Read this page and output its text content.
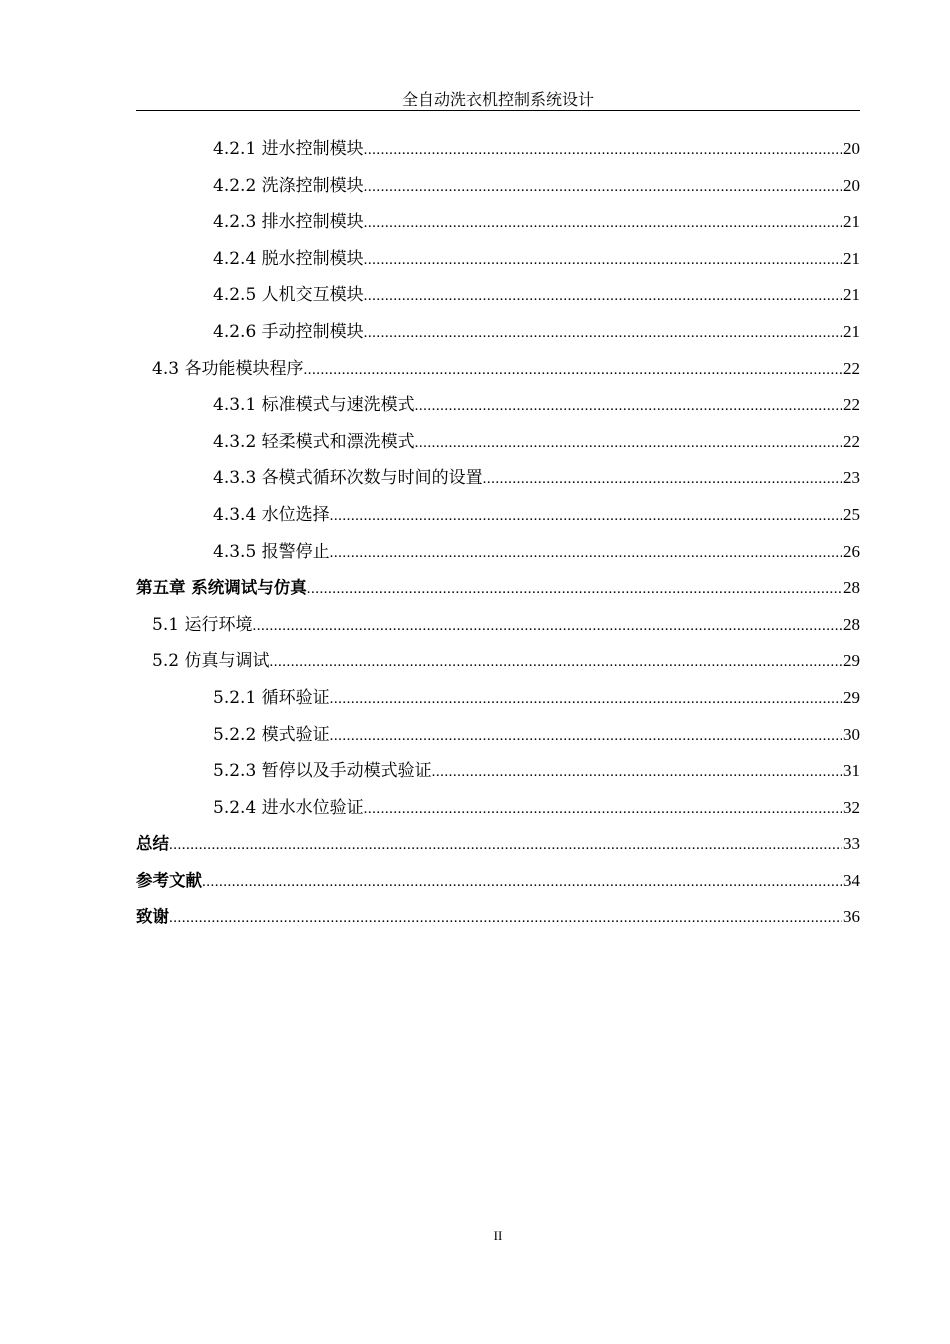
全自动洗衣机控制系统设计
4.2.1 进水控制模块 .....	20
4.2.2 洗涤控制模块 .....	20
4.2.3 排水控制模块 .....	21
4.2.4 脱水控制模块 .....	21
4.2.5 人机交互模块 .....	21
4.2.6 手动控制模块 .....	21
4.3 各功能模块程序 .....	22
4.3.1 标准模式与速洗模式 .....	22
4.3.2 轻柔模式和漂洗模式 .....	22
4.3.3 各模式循环次数与时间的设置 .....	23
4.3.4 水位选择 .....	25
4.3.5 报警停止 .....	26
第五章 系统调试与仿真 .....	28
5.1 运行环境 .....	28
5.2 仿真与调试 .....	29
5.2.1 循环验证 .....	29
5.2.2 模式验证 .....	30
5.2.3 暂停以及手动模式验证 .....	31
5.2.4 进水水位验证 .....	32
总结 .....	33
参考文献 .....	34
致谢 .....	36
II
